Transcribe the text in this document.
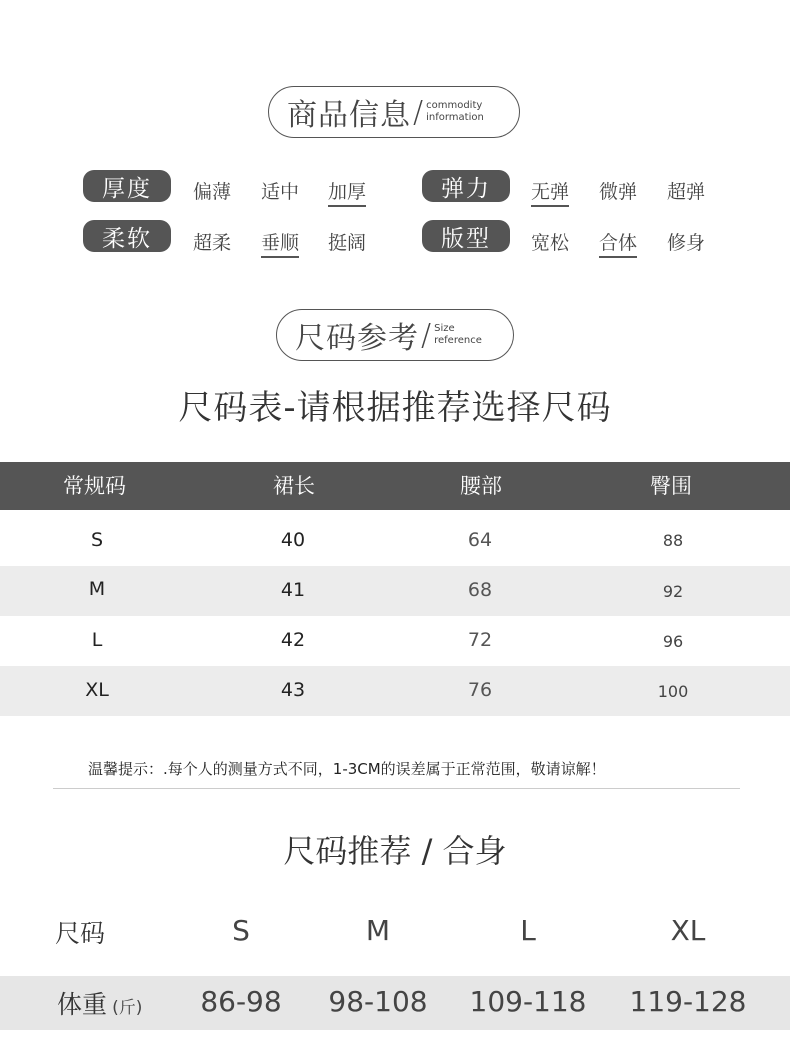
商品信息 / commodity
information
厚度	偏薄 适中 加厚	弹力	无弹 微弹 超弹
柔软	超柔 垂顺 挺阔	版型	宽松 合体 修身
尺码参考 / Size
reference
尺码表-请根据推荐选择尺码
常规码	裙长	腰部	臀围
S	40	64	88
M	41	68	92
L	42	72	96
XL	43	76	100
温馨提示：.每个人的测量方式不同，1-3CM的误差属于正常范围，敬请谅解！
尺码推荐 / 合身
尺码	S	M	L	XL
体重 (斤) 86-98 98-108 109-118 119-128
